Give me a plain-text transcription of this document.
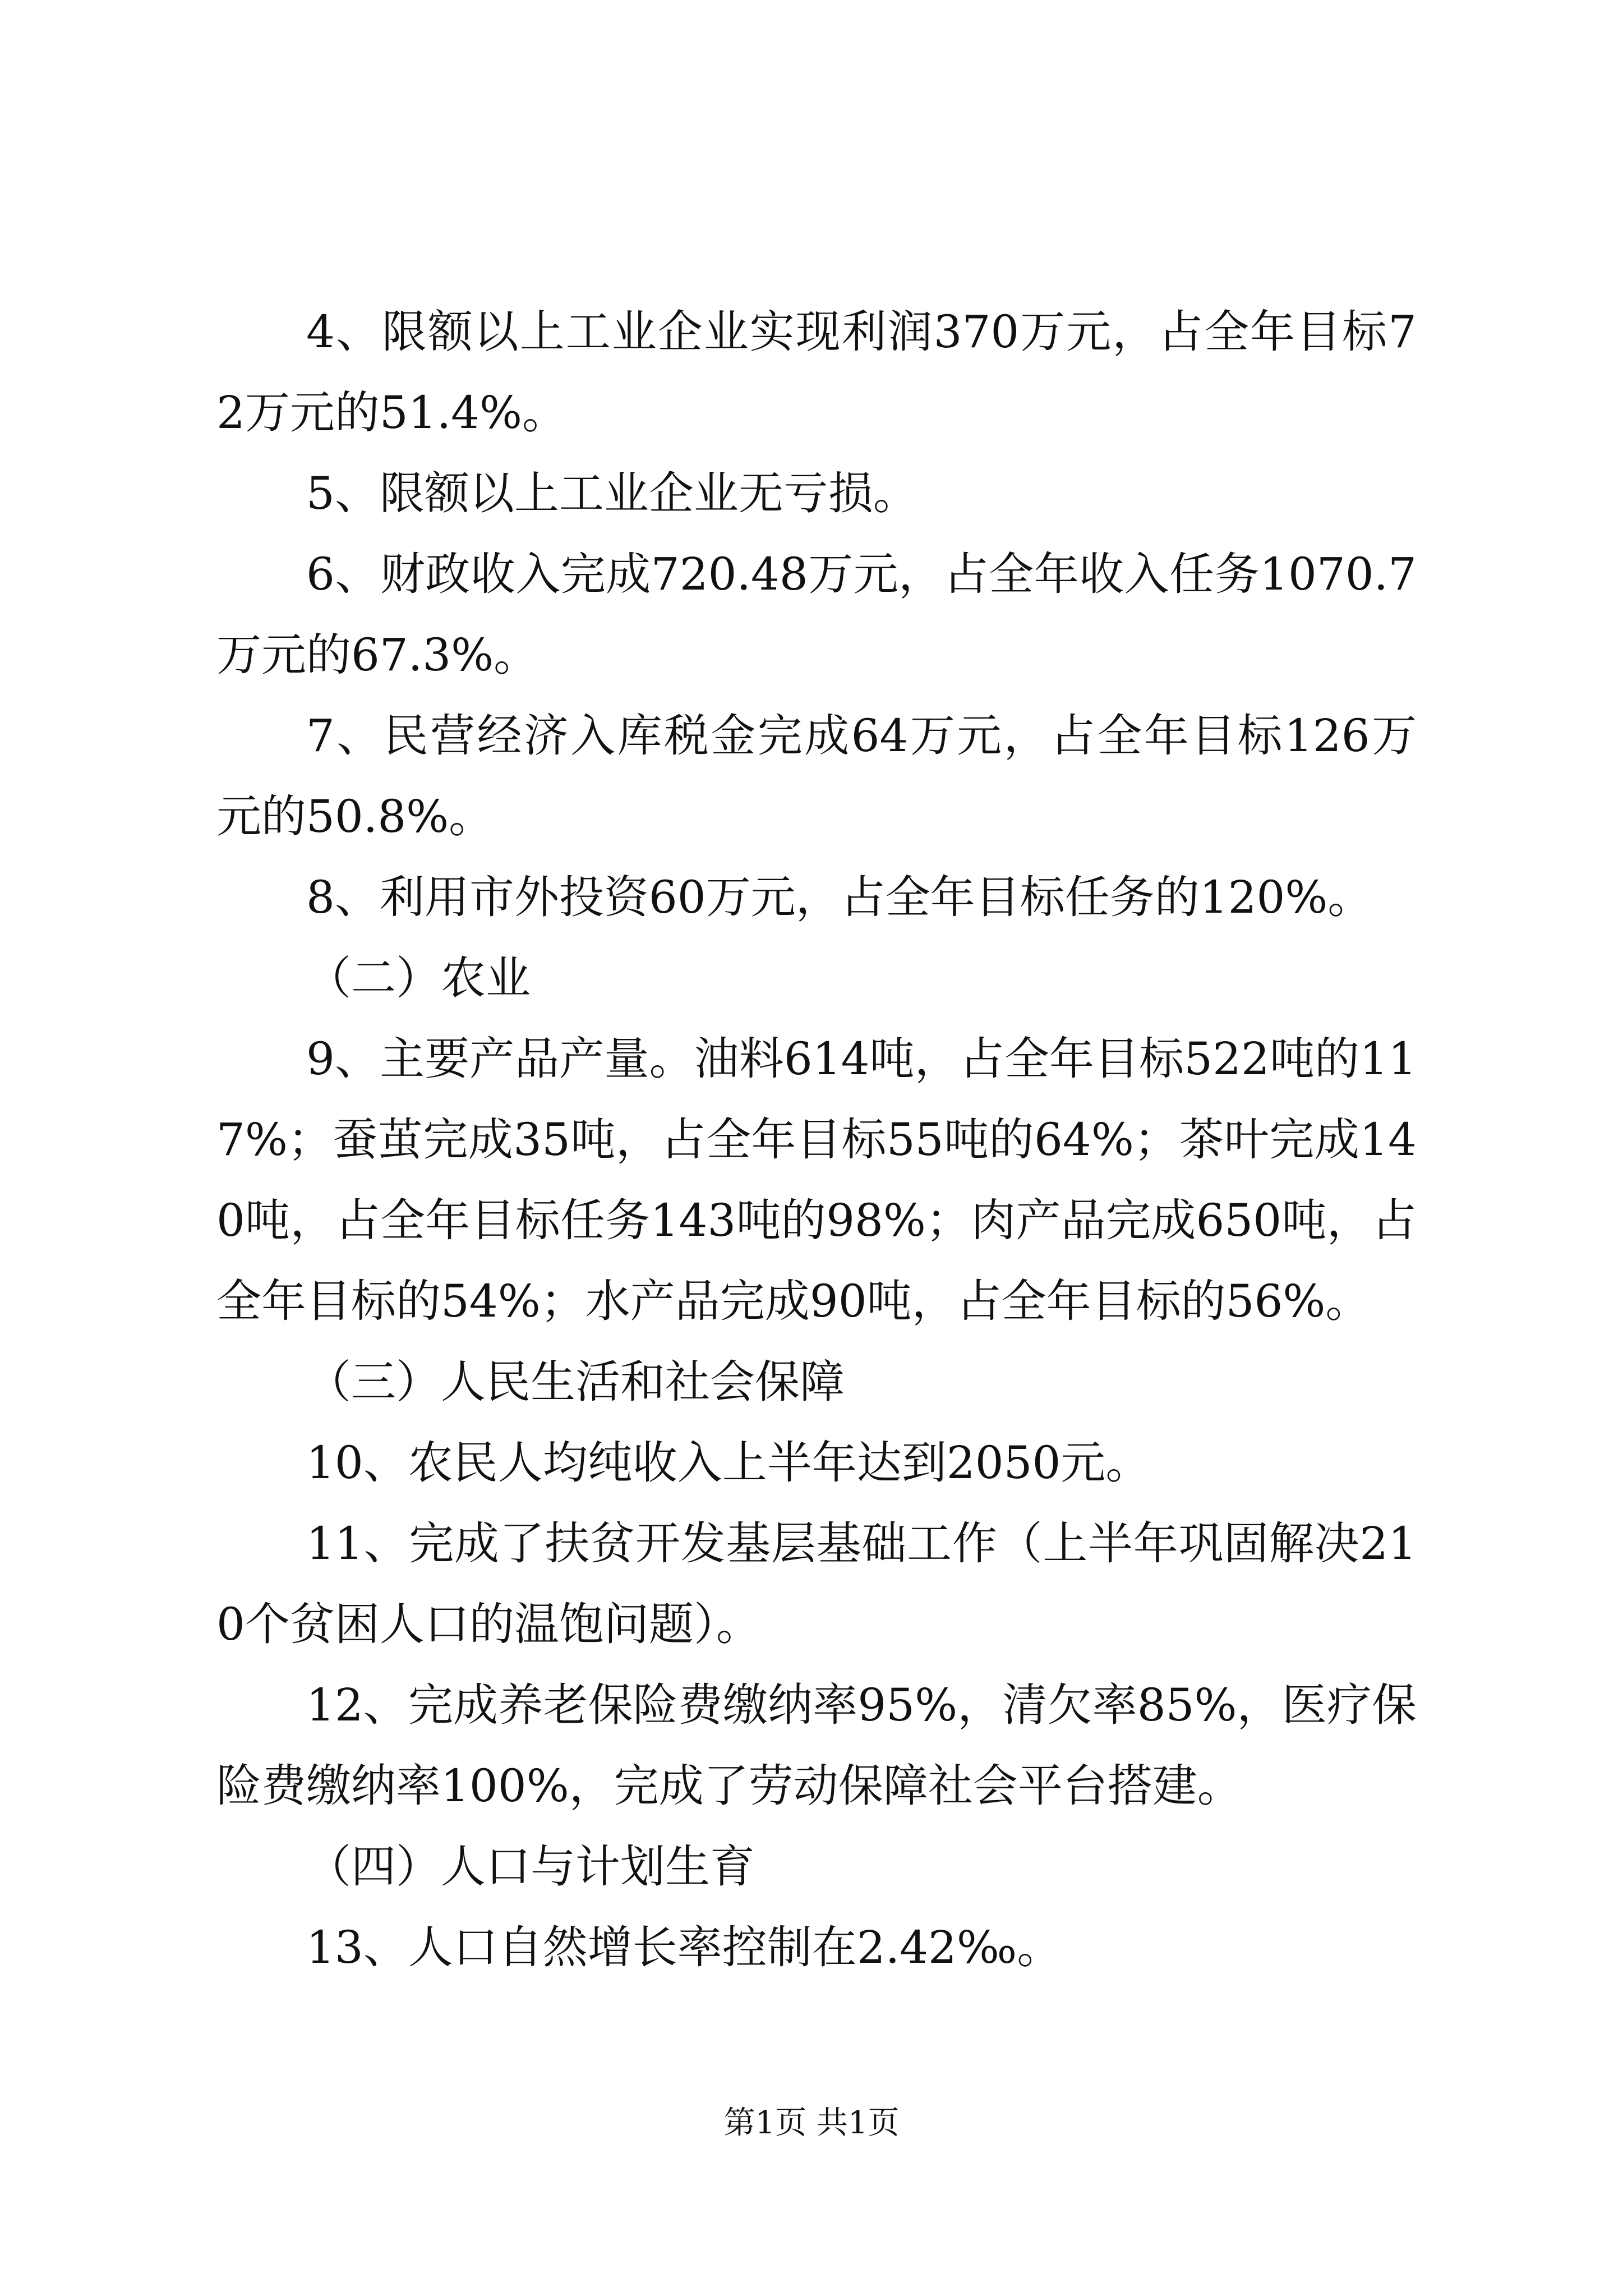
4、限额以上工业企业实现利润370万元，占全年目标72万元的51.4%。

5、限额以上工业企业无亏损。

6、财政收入完成720.48万元，占全年收入任务1070.7万元的67.3%。

7、民营经济入库税金完成64万元，占全年目标126万元的50.8%。

8、利用市外投资60万元，占全年目标任务的120%。

（二）农业

9、主要产品产量。油料614吨，占全年目标522吨的117%；蚕茧完成35吨，占全年目标55吨的64%；茶叶完成140吨，占全年目标任务143吨的98%；肉产品完成650吨，占全年目标的54%；水产品完成90吨，占全年目标的56%。

（三）人民生活和社会保障

10、农民人均纯收入上半年达到2050元。

11、完成了扶贫开发基层基础工作（上半年巩固解决210个贫困人口的温饱问题）。

12、完成养老保险费缴纳率95%，清欠率85%，医疗保险费缴纳率100%，完成了劳动保障社会平台搭建。

（四）人口与计划生育

13、人口自然增长率控制在2.42‰。

第1页 共1页
